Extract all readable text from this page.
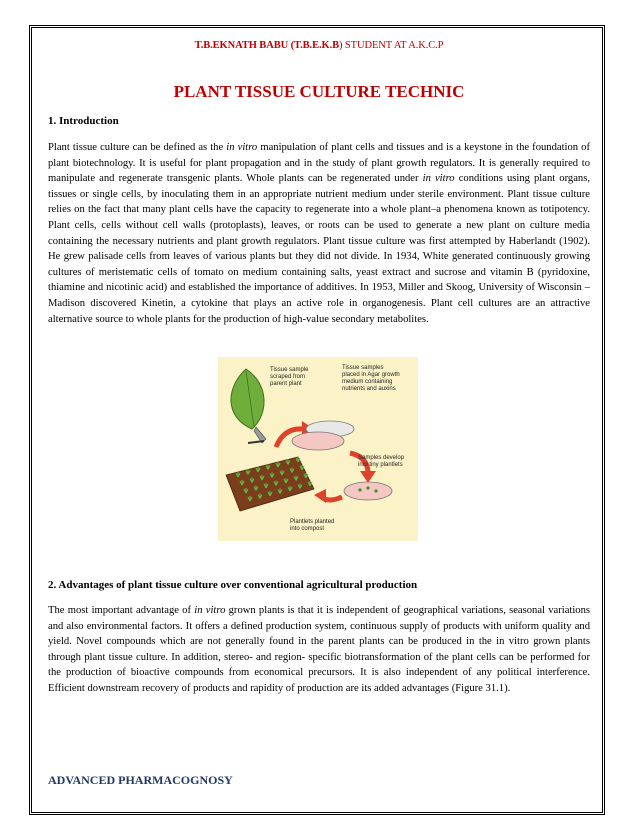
T.B.EKNATH BABU (T.B.E.K.B) STUDENT AT A.K.C.P
PLANT TISSUE CULTURE TECHNIC
1. Introduction

Plant tissue culture can be defined as the in vitro manipulation of plant cells and tissues and is a keystone in the foundation of plant biotechnology. It is useful for plant propagation and in the study of plant growth regulators. It is generally required to manipulate and regenerate transgenic plants. Whole plants can be regenerated under in vitro conditions using plant organs, tissues or single cells, by inoculating them in an appropriate nutrient medium under sterile environment. Plant tissue culture relies on the fact that many plant cells have the capacity to regenerate into a whole plant–a phenomena known as totipotency. Plant cells, cells without cell walls (protoplasts), leaves, or roots can be used to generate a new plant on culture media containing the necessary nutrients and plant growth regulators. Plant tissue culture was first attempted by Haberlandt (1902). He grew palisade cells from leaves of various plants but they did not divide. In 1934, White generated continuously growing cultures of meristematic cells of tomato on medium containing salts, yeast extract and sucrose and vitamin B (pyridoxine, thiamine and nicotinic acid) and established the importance of additives. In 1953, Miller and Skoog, University of Wisconsin – Madison discovered Kinetin, a cytokine that plays an active role in organogenesis. Plant cell cultures are an attractive alternative source to whole plants for the production of high-value secondary metabolites.

Tissue sample scraped from parent plant
Tissue samples placed in Agar growth medium containing nutrients and auxins
Samples develop into tiny plantlets
Plantlets planted into compost
2. Advantages of plant tissue culture over conventional agricultural production

The most important advantage of in vitro grown plants is that it is independent of geographical variations, seasonal variations and also environmental factors. It offers a defined production system, continuous supply of products with uniform quality and yield. Novel compounds which are not generally found in the parent plants can be produced in the in vitro grown plants through plant tissue culture. In addition, stereo- and region- specific biotransformation of the plant cells can be performed for the production of bioactive compounds from economical precursors. It is also independent of any political interference. Efficient downstream recovery of products and rapidity of production are its added advantages (Figure 31.1).

ADVANCED PHARMACOGNOSY
